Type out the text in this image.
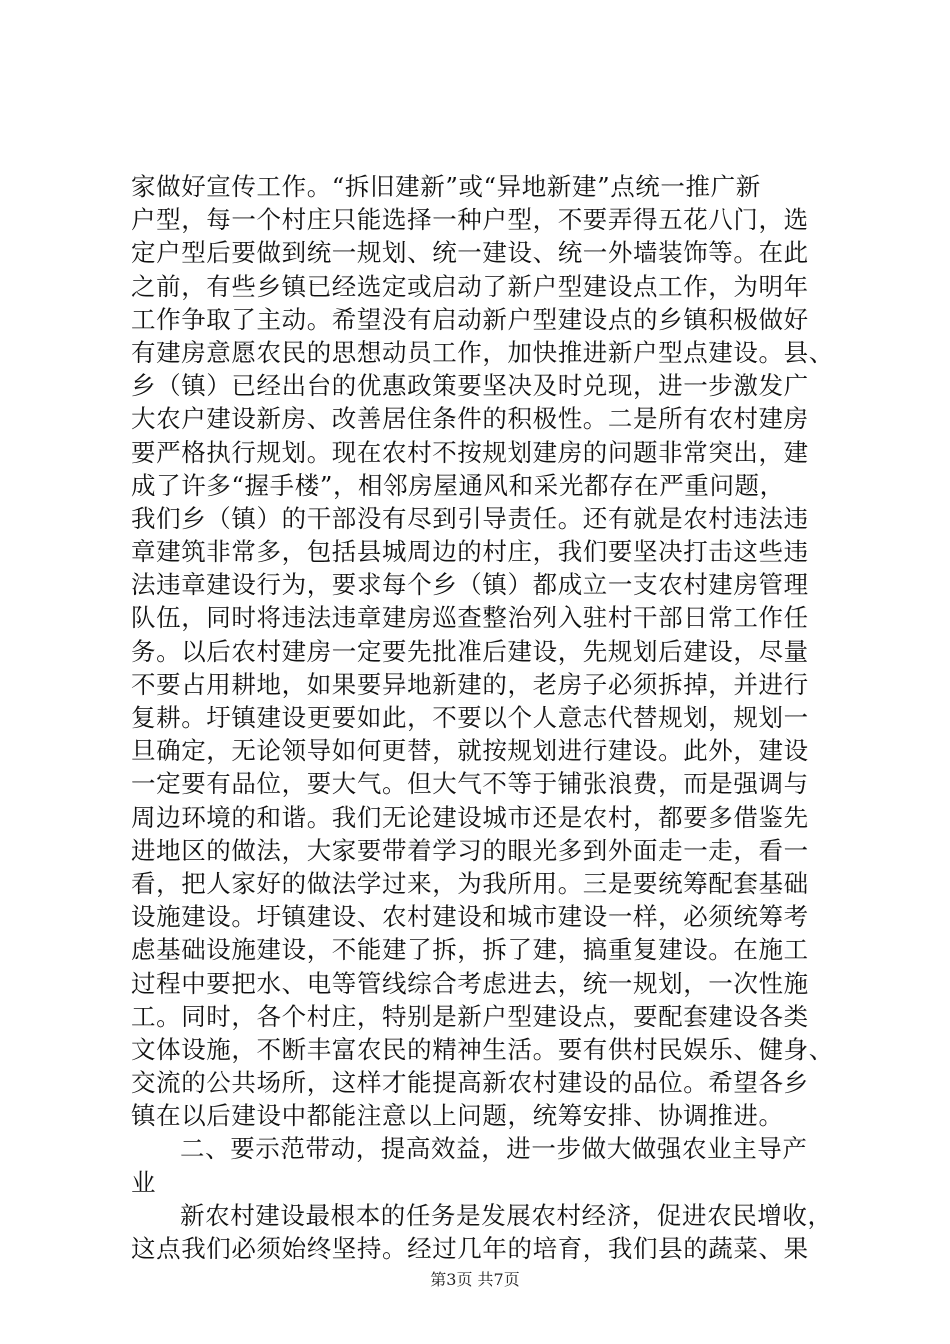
家做好宣传工作。“拆旧建新”或“异地新建”点统一推广新
户型，每一个村庄只能选择一种户型，不要弄得五花八门，选
定户型后要做到统一规划、统一建设、统一外墙装饰等。在此
之前，有些乡镇已经选定或启动了新户型建设点工作，为明年
工作争取了主动。希望没有启动新户型建设点的乡镇积极做好
有建房意愿农民的思想动员工作，加快推进新户型点建设。县、
乡（镇）已经出台的优惠政策要坚决及时兑现，进一步激发广
大农户建设新房、改善居住条件的积极性。二是所有农村建房
要严格执行规划。现在农村不按规划建房的问题非常突出，建
成了许多“握手楼”，相邻房屋通风和采光都存在严重问题，
我们乡（镇）的干部没有尽到引导责任。还有就是农村违法违
章建筑非常多，包括县城周边的村庄，我们要坚决打击这些违
法违章建设行为，要求每个乡（镇）都成立一支农村建房管理
队伍，同时将违法违章建房巡查整治列入驻村干部日常工作任
务。以后农村建房一定要先批准后建设，先规划后建设，尽量
不要占用耕地，如果要异地新建的，老房子必须拆掉，并进行
复耕。圩镇建设更要如此，不要以个人意志代替规划，规划一
旦确定，无论领导如何更替，就按规划进行建设。此外，建设
一定要有品位，要大气。但大气不等于铺张浪费，而是强调与
周边环境的和谐。我们无论建设城市还是农村，都要多借鉴先
进地区的做法，大家要带着学习的眼光多到外面走一走，看一
看，把人家好的做法学过来，为我所用。三是要统筹配套基础
设施建设。圩镇建设、农村建设和城市建设一样，必须统筹考
虑基础设施建设，不能建了拆，拆了建，搞重复建设。在施工
过程中要把水、电等管线综合考虑进去，统一规划，一次性施
工。同时，各个村庄，特别是新户型建设点，要配套建设各类
文体设施，不断丰富农民的精神生活。要有供村民娱乐、健身、
交流的公共场所，这样才能提高新农村建设的品位。希望各乡
镇在以后建设中都能注意以上问题，统筹安排、协调推进。
二、要示范带动，提高效益，进一步做大做强农业主导产
业
新农村建设最根本的任务是发展农村经济，促进农民增收，
这点我们必须始终坚持。经过几年的培育，我们县的蔬菜、果
第3页 共7页
